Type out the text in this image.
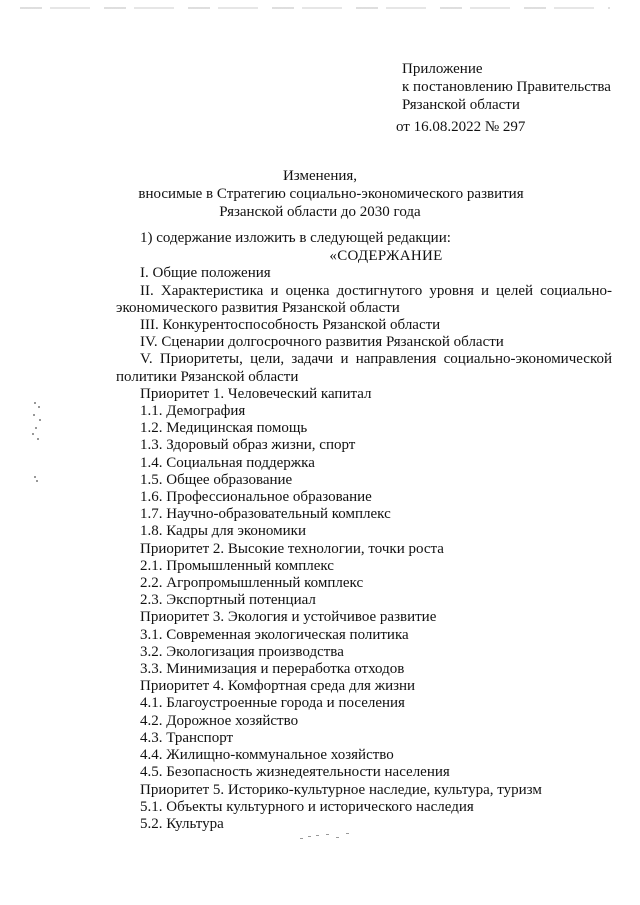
Приложение
к постановлению Правительства
Рязанской области
от 16.08.2022 № 297
Изменения,
вносимые в Стратегию социально-экономического развития
Рязанской области до 2030 года
1) содержание изложить в следующей редакции:
«СОДЕРЖАНИЕ
I. Общие положения
II. Характеристика и оценка достигнутого уровня и целей социально-экономического развития Рязанской области
III. Конкурентоспособность Рязанской области
IV. Сценарии долгосрочного развития Рязанской области
V. Приоритеты, цели, задачи и направления социально-экономической политики Рязанской области
Приоритет 1. Человеческий капитал
1.1. Демография
1.2. Медицинская помощь
1.3. Здоровый образ жизни, спорт
1.4. Социальная поддержка
1.5. Общее образование
1.6. Профессиональное образование
1.7. Научно-образовательный комплекс
1.8. Кадры для экономики
Приоритет 2. Высокие технологии, точки роста
2.1. Промышленный комплекс
2.2. Агропромышленный комплекс
2.3. Экспортный потенциал
Приоритет 3. Экология и устойчивое развитие
3.1. Современная экологическая политика
3.2. Экологизация производства
3.3. Минимизация и переработка отходов
Приоритет 4. Комфортная среда для жизни
4.1. Благоустроенные города и поселения
4.2. Дорожное хозяйство
4.3. Транспорт
4.4. Жилищно-коммунальное хозяйство
4.5. Безопасность жизнедеятельности населения
Приоритет 5. Историко-культурное наследие, культура, туризм
5.1. Объекты культурного и исторического наследия
5.2. Культура
